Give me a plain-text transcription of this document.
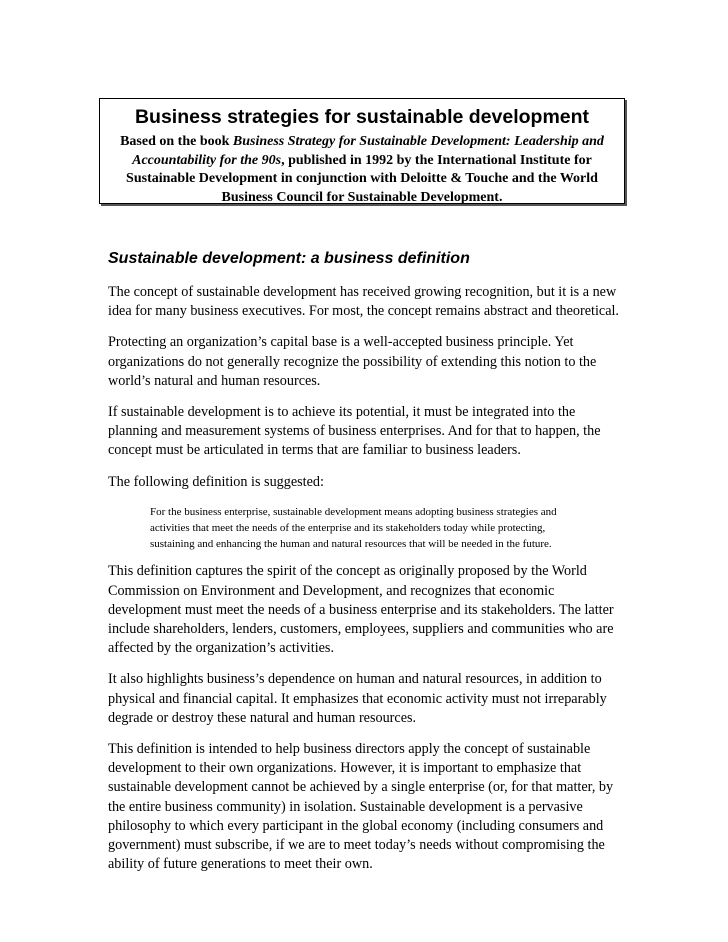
Business strategies for sustainable development
Based on the book Business Strategy for Sustainable Development: Leadership and Accountability for the 90s, published in 1992 by the International Institute for Sustainable Development in conjunction with Deloitte & Touche and the World Business Council for Sustainable Development.
Sustainable development: a business definition

The concept of sustainable development has received growing recognition, but it is a new idea for many business executives. For most, the concept remains abstract and theoretical.

Protecting an organization’s capital base is a well-accepted business principle. Yet organizations do not generally recognize the possibility of extending this notion to the world’s natural and human resources.

If sustainable development is to achieve its potential, it must be integrated into the planning and measurement systems of business enterprises. And for that to happen, the concept must be articulated in terms that are familiar to business leaders.

The following definition is suggested:

For the business enterprise, sustainable development means adopting business strategies and activities that meet the needs of the enterprise and its stakeholders today while protecting, sustaining and enhancing the human and natural resources that will be needed in the future.

This definition captures the spirit of the concept as originally proposed by the World Commission on Environment and Development, and recognizes that economic development must meet the needs of a business enterprise and its stakeholders. The latter include shareholders, lenders, customers, employees, suppliers and communities who are affected by the organization’s activities.

It also highlights business’s dependence on human and natural resources, in addition to physical and financial capital. It emphasizes that economic activity must not irreparably degrade or destroy these natural and human resources.

This definition is intended to help business directors apply the concept of sustainable development to their own organizations. However, it is important to emphasize that sustainable development cannot be achieved by a single enterprise (or, for that matter, by the entire business community) in isolation. Sustainable development is a pervasive philosophy to which every participant in the global economy (including consumers and government) must subscribe, if we are to meet today’s needs without compromising the ability of future generations to meet their own.
